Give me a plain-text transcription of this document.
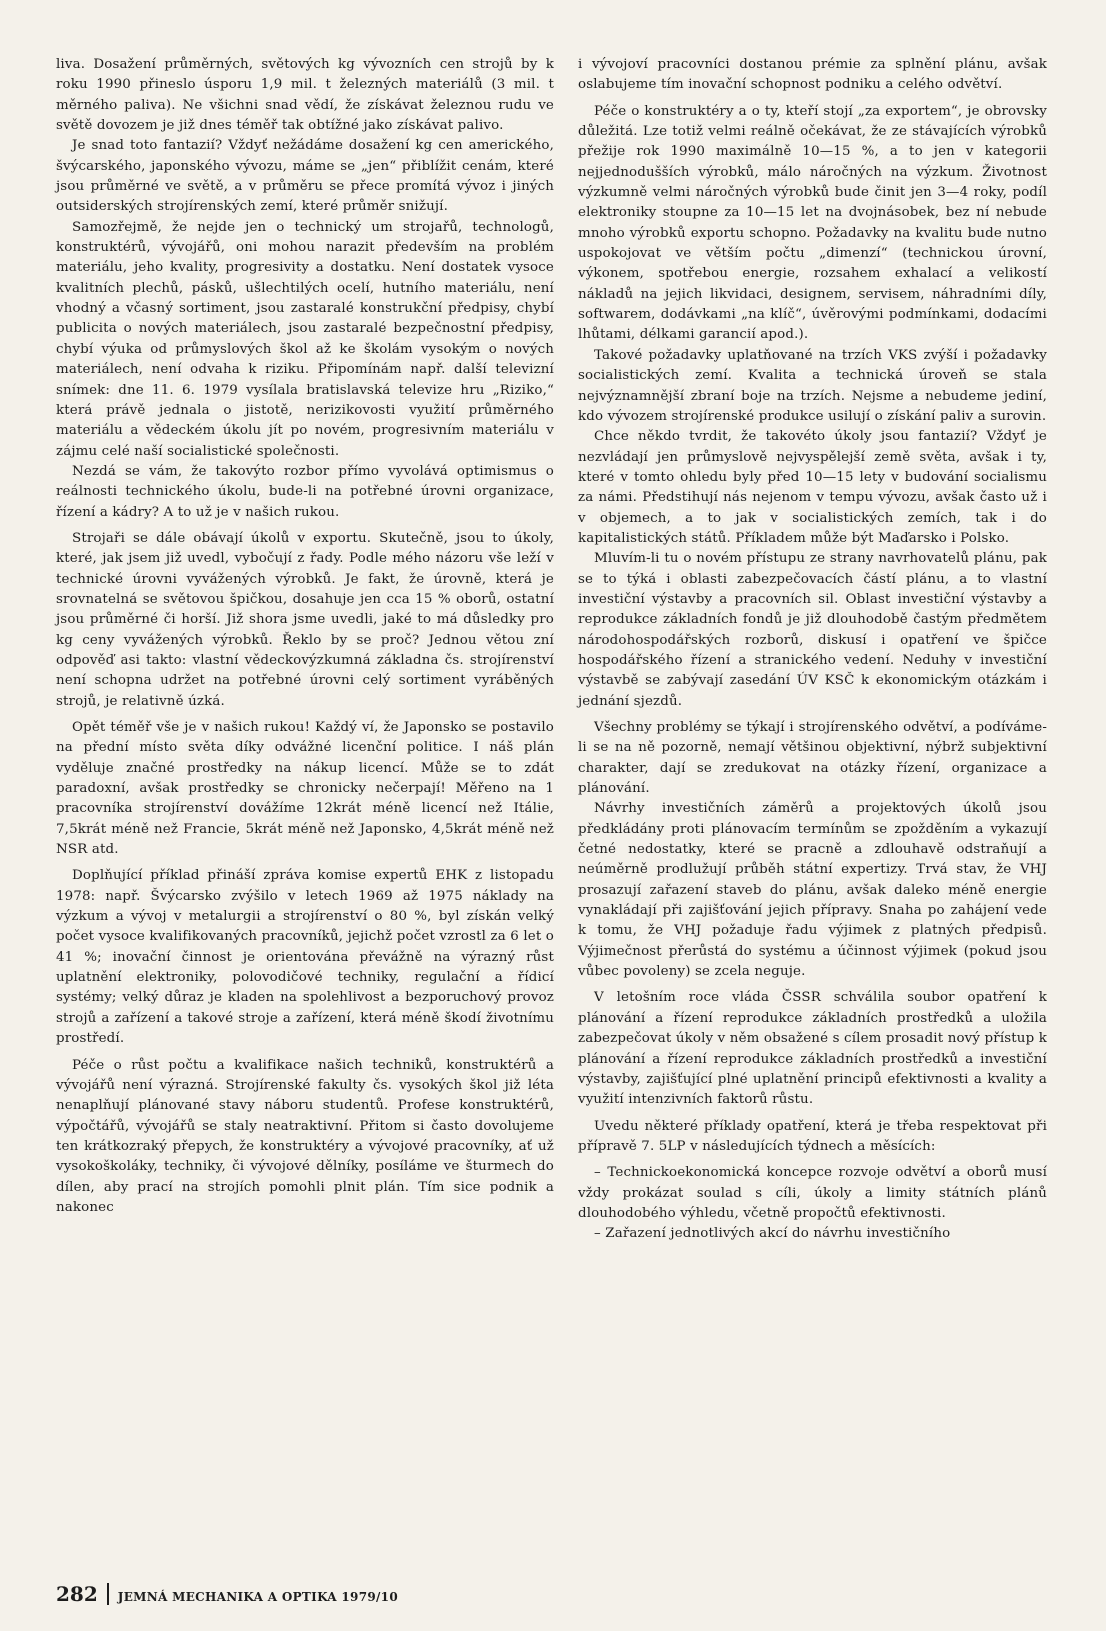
liva. Dosažení průměrných, světových kg vývozních cen strojů by k roku 1990 přineslo úsporu 1,9 mil. t železných materiálů (3 mil. t měrného paliva). Ne všichni snad vědí, že získávat železnou rudu ve světě dovozem je již dnes téměř tak obtížné jako získávat palivo.

Je snad toto fantazií? Vždyť nežádáme dosažení kg cen amerického, švýcarského, japonského vývozu, máme se „jen“ přiblížit cenám, které jsou průměrné ve světě, a v průměru se přece promítá vývoz i jiných outsiderských strojírenských zemí, které průměr snižují.

Samozřejmě, že nejde jen o technický um strojařů, technologů, konstruktérů, vývojářů, oni mohou narazit především na problém materiálu, jeho kvality, progresivity a dostatku. Není dostatek vysoce kvalitních plechů, pásků, ušlechtilých ocelí, hutního materiálu, není vhodný a včasný sortiment, jsou zastaralé konstrukční předpisy, chybí publicita o nových materiálech, jsou zastaralé bezpečnostní předpisy, chybí výuka od průmyslových škol až ke školám vysokým o nových materiálech, není odvaha k riziku. Připomínám např. další televizní snímek: dne 11. 6. 1979 vysílala bratislavská televize hru „Riziko,“ která právě jednala o jistotě, nerizikovosti využití průměrného materiálu a vědeckém úkolu jít po novém, progresivním materiálu v zájmu celé naší socialistické společnosti.

Nezdá se vám, že takovýto rozbor přímo vyvolává optimismus o reálnosti technického úkolu, bude-li na potřebné úrovni organizace, řízení a kádry? A to už je v našich rukou.

Strojaři se dále obávají úkolů v exportu. Skutečně, jsou to úkoly, které, jak jsem již uvedl, vybočují z řady. Podle mého názoru vše leží v technické úrovni vyvážených výrobků. Je fakt, že úrovně, která je srovnatelná se světovou špičkou, dosahuje jen cca 15 % oborů, ostatní jsou průměrné či horší. Již shora jsme uvedli, jaké to má důsledky pro kg ceny vyvážených výrobků. Řeklo by se proč? Jednou větou zní odpověď asi takto: vlastní vědeckovýzkumná základna čs. strojírenství není schopna udržet na potřebné úrovni celý sortiment vyráběných strojů, je relativně úzká.

Opět téměř vše je v našich rukou! Každý ví, že Japonsko se postavilo na přední místo světa díky odvážné licenční politice. I náš plán vyděluje značné prostředky na nákup licencí. Může se to zdát paradoxní, avšak prostředky se chronicky nečerpají! Měřeno na 1 pracovníka strojírenství dovážíme 12krát méně licencí než Itálie, 7,5krát méně než Francie, 5krát méně než Japonsko, 4,5krát méně než NSR atd.

Doplňující příklad přináší zpráva komise expertů EHK z listopadu 1978: např. Švýcarsko zvýšilo v letech 1969 až 1975 náklady na výzkum a vývoj v metalurgii a strojírenství o 80 %, byl získán velký počet vysoce kvalifikovaných pracovníků, jejichž počet vzrostl za 6 let o 41 %; inovační činnost je orientována převážně na výrazný růst uplatnění elektroniky, polovodičové techniky, regulační a řídicí systémy; velký důraz je kladen na spolehlivost a bezporuchový provoz strojů a zařízení a takové stroje a zařízení, která méně škodí životnímu prostředí.

Péče o růst počtu a kvalifikace našich techniků, konstruktérů a vývojářů není výrazná. Strojírenské fakulty čs. vysokých škol již léta nenaplňují plánované stavy náboru studentů. Profese konstruktérů, výpočtářů, vývojářů se staly neatraktivní. Přitom si často dovolujeme ten krátkozraký přepych, že konstruktéry a vývojové pracovníky, ať už vysokoškoláky, techniky, či vývojové dělníky, posíláme ve šturmech do dílen, aby prací na strojích pomohli plnit plán. Tím sice podnik a nakonec

i vývojoví pracovníci dostanou prémie za splnění plánu, avšak oslabujeme tím inovační schopnost podniku a celého odvětví.

Péče o konstruktéry a o ty, kteří stojí „za exportem“, je obrovsky důležitá. Lze totiž velmi reálně očekávat, že ze stávajících výrobků přežije rok 1990 maximálně 10—15 %, a to jen v kategorii nejjednodušších výrobků, málo náročných na výzkum. Životnost výzkumně velmi náročných výrobků bude činit jen 3—4 roky, podíl elektroniky stoupne za 10—15 let na dvojnásobek, bez ní nebude mnoho výrobků exportu schopno. Požadavky na kvalitu bude nutno uspokojovat ve větším počtu „dimenzí“ (technickou úrovní, výkonem, spotřebou energie, rozsahem exhalací a velikostí nákladů na jejich likvidaci, designem, servisem, náhradními díly, softwarem, dodávkami „na klíč“, úvěrovými podmínkami, dodacími lhůtami, délkami garancií apod.).

Takové požadavky uplatňované na trzích VKS zvýší i požadavky socialistických zemí. Kvalita a technická úroveň se stala nejvýznamnější zbraní boje na trzích. Nejsme a nebudeme jediní, kdo vývozem strojírenské produkce usilují o získání paliv a surovin.

Chce někdo tvrdit, že takovéto úkoly jsou fantazií? Vždyť je nezvládají jen průmyslově nejvyspělejší země světa, avšak i ty, které v tomto ohledu byly před 10—15 lety v budování socialismu za námi. Předstihují nás nejenom v tempu vývozu, avšak často už i v objemech, a to jak v socialistických zemích, tak i do kapitalistických států. Příkladem může být Maďarsko i Polsko.

Mluvím-li tu o novém přístupu ze strany navrhovatelů plánu, pak se to týká i oblasti zabezpečovacích částí plánu, a to vlastní investiční výstavby a pracovních sil. Oblast investiční výstavby a reprodukce základních fondů je již dlouhodobě častým předmětem národohospodářských rozborů, diskusí i opatření ve špičce hospodářského řízení a stranického vedení. Neduhy v investiční výstavbě se zabývají zasedání ÚV KSČ k ekonomickým otázkám i jednání sjezdů.

Všechny problémy se týkají i strojírenského odvětví, a podíváme-li se na ně pozorně, nemají většinou objektivní, nýbrž subjektivní charakter, dají se zredukovat na otázky řízení, organizace a plánování.

Návrhy investičních záměrů a projektových úkolů jsou předkládány proti plánovacím termínům se zpožděním a vykazují četné nedostatky, které se pracně a zdlouhavě odstraňují a neúměrně prodlužují průběh státní expertizy. Trvá stav, že VHJ prosazují zařazení staveb do plánu, avšak daleko méně energie vynakládají při zajišťování jejich přípravy. Snaha po zahájení vede k tomu, že VHJ požaduje řadu výjimek z platných předpisů. Výjimečnost přerůstá do systému a účinnost výjimek (pokud jsou vůbec povoleny) se zcela neguje.

V letošním roce vláda ČSSR schválila soubor opatření k plánování a řízení reprodukce základních prostředků a uložila zabezpečovat úkoly v něm obsažené s cílem prosadit nový přístup k plánování a řízení reprodukce základních prostředků a investiční výstavby, zajišťující plné uplatnění principů efektivnosti a kvality a využití intenzivních faktorů růstu.

Uvedu některé příklady opatření, která je třeba respektovat při přípravě 7. 5LP v následujících týdnech a měsících:

– Technickoekonomická koncepce rozvoje odvětví a oborů musí vždy prokázat soulad s cíli, úkoly a limity státních plánů dlouhodobého výhledu, včetně propočtů efektivnosti.

– Zařazení jednotlivých akcí do návrhu investičního

282 JEMNÁ MECHANIKA A OPTIKA 1979/10
